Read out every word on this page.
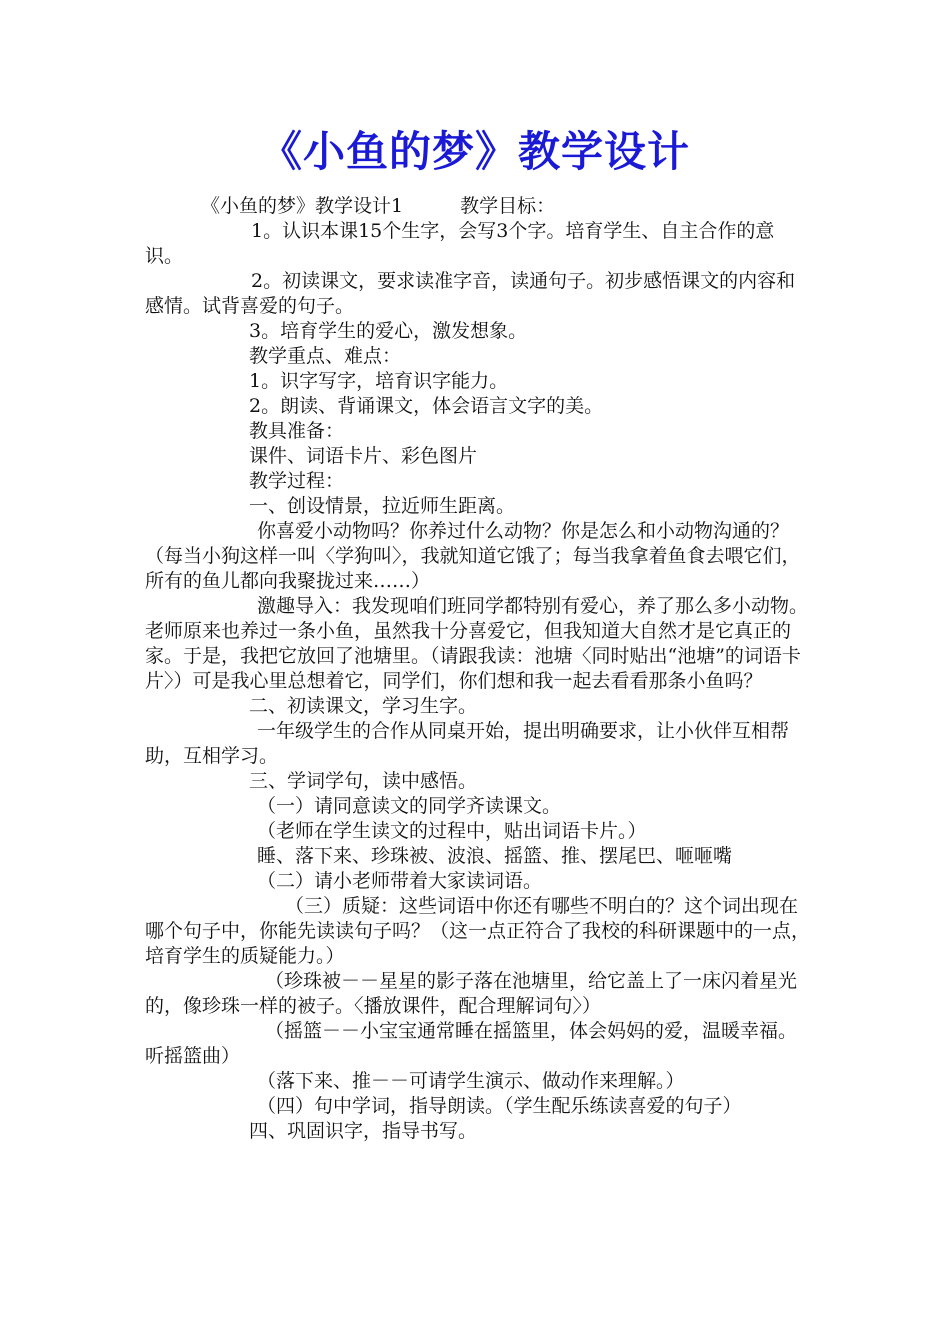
《小鱼的梦》教学设计

《小鱼的梦》教学设计1　　　教学目标：

1。认识本课15个生字，会写3个字。培育学生、自主合作的意识。

2。初读课文，要求读准字音，读通句子。初步感悟课文的内容和感情。试背喜爱的句子。

3。培育学生的爱心，激发想象。

教学重点、难点：

1。识字写字，培育识字能力。

2。朗读、背诵课文，体会语言文字的美。

教具准备：

课件、词语卡片、彩色图片

教学过程：

一、创设情景，拉近师生距离。

你喜爱小动物吗？你养过什么动物？你是怎么和小动物沟通的？（每当小狗这样一叫〈学狗叫〉，我就知道它饿了；每当我拿着鱼食去喂它们，所有的鱼儿都向我聚拢过来……）

激趣导入：我发现咱们班同学都特别有爱心，养了那么多小动物。老师原来也养过一条小鱼，虽然我十分喜爱它，但我知道大自然才是它真正的家。于是，我把它放回了池塘里。（请跟我读：池塘〈同时贴出“池塘”的词语卡片〉）可是我心里总想着它，同学们，你们想和我一起去看看那条小鱼吗？

二、初读课文，学习生字。

一年级学生的合作从同桌开始，提出明确要求，让小伙伴互相帮助，互相学习。

三、学词学句，读中感悟。

（一）请同意读文的同学齐读课文。

（老师在学生读文的过程中，贴出词语卡片。）

睡、落下来、珍珠被、波浪、摇篮、推、摆尾巴、咂咂嘴

（二）请小老师带着大家读词语。

（三）质疑：这些词语中你还有哪些不明白的？这个词出现在哪个句子中，你能先读读句子吗？（这一点正符合了我校的科研课题中的一点，培育学生的质疑能力。）

（珍珠被－－星星的影子落在池塘里，给它盖上了一床闪着星光的，像珍珠一样的被子。〈播放课件，配合理解词句〉）

（摇篮－－小宝宝通常睡在摇篮里，体会妈妈的爱，温暖幸福。听摇篮曲）

（落下来、推－－可请学生演示、做动作来理解。）

（四）句中学词，指导朗读。（学生配乐练读喜爱的句子）

四、巩固识字，指导书写。
